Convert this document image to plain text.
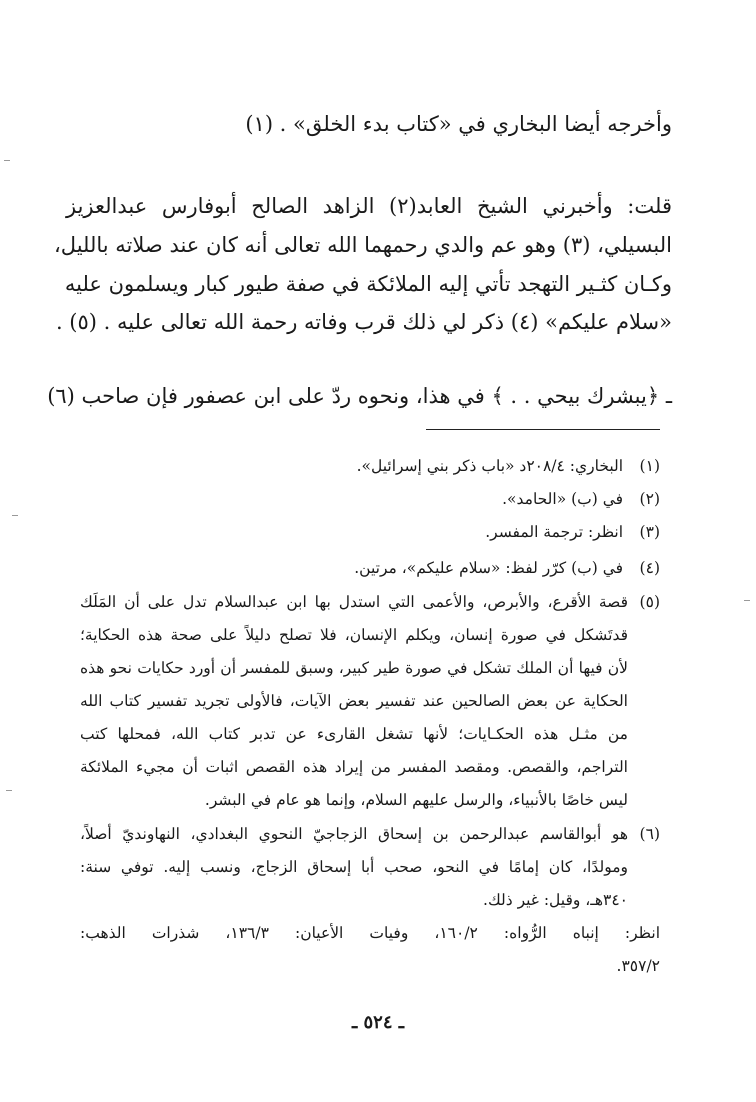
وأخرجه أيضا البخاري في «كتاب بدء الخلق» . (١)
قلت: وأخبرني الشيخ العابد(٢) الزاهد الصالح أبوفارس عبدالعزيز
البسيلي، (٣) وهو عم والدي رحمهما الله تعالى أنه كان عند صلاته بالليل،
وكـان كثـير التهجد تأتي إليه الملائكة في صفة طيور كبار ويسلمون عليه
«سلام عليكم» (٤) ذكر لي ذلك قرب وفاته رحمة الله تعالى عليه . (٥) .
ـ ﴿يبشرك بيحي . . ﴾ في هذا، ونحوه ردّ على ابن عصفور فإن صاحب (٦)
(١) البخاري: ٢٠٨/٤د «باب ذكر بني إسرائيل».
(٢) في (ب) «الحامد».
(٣) انظر: ترجمة المفسر.
(٤) في (ب) كرّر لفظ: «سلام عليكم»، مرتين.
(٥)
قصة الأقرع، والأبرص، والأعمى التي استدل بها ابن عبدالسلام تدل على أن المَلَك
قدتَشكل في صورة إنسان، ويكلم الإنسان، فلا تصلح دليلاً على صحة هذه الحكاية؛
لأن فيها أن الملك تشكل في صورة طير كبير، وسبق للمفسر أن أورد حكايات نحو هذه
الحكاية عن بعض الصالحين عند تفسير بعض الآيات، فالأولى تجريد تفسير كتاب الله
من مثـل هذه الحكـايات؛ لأنها تشغل القارىء عن تدبر كتاب الله، فمحلها كتب
التراجم، والقصص. ومقصد المفسر من إيراد هذه القصص اثبات أن مجيء الملائكة
ليس خاصًا بالأنبياء، والرسل عليهم السلام، وإنما هو عام في البشر.
(٦)
هو أبوالقاسم عبدالرحمن بن إسحاق الزجاجيّ النحوي البغدادي، النهاونديّ أصلاً،
ومولدًا، كان إمامًا في النحو، صحب أبا إسحاق الزجاج، ونسب إليه. توفي سنة:
٣٤٠هـ، وقيل: غير ذلك.
انظر: إنباه الرُّواه: ١٦٠/٢، وفيات الأعيان: ١٣٦/٣، شذرات الذهب:
٣٥٧/٢.
ـ ٥٢٤ ـ
